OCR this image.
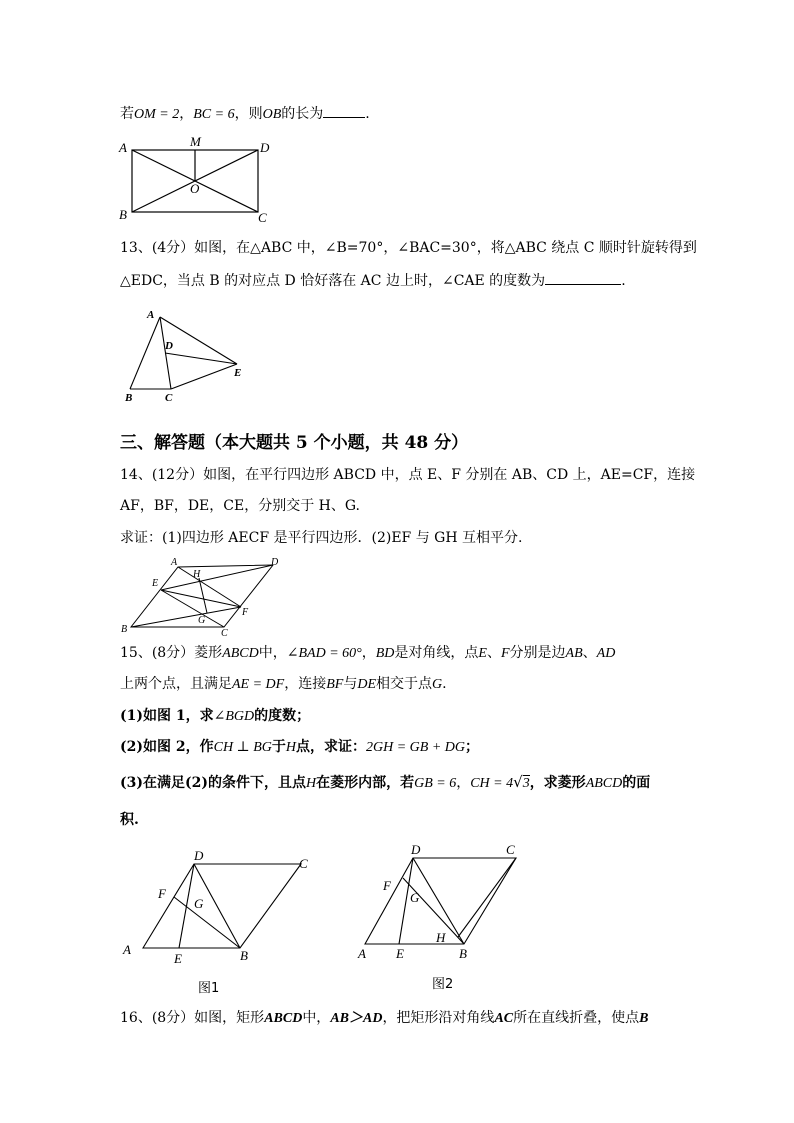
若OM = 2，BC = 6，则OB的长为	.
A	M	D
O
B	C
13、(4分）如图，在△ABC 中，∠B=70°，∠BAC=30°，将△ABC 绕点 C 顺时针旋转得到
△EDC，当点 B 的对应点 D 恰好落在 AC 边上时，∠CAE 的度数为	.
A
D
E
B	C
三、解答题（本大题共 5 个小题，共 48 分）
14、(12分）如图，在平行四边形 ABCD 中，点 E、F 分别在 AB、CD 上，AE=CF，连接
AF，BF，DE，CE，分别交于 H、G.
求证：(1)四边形 AECF 是平行四边形．(2)EF 与 GH 互相平分.
A
H
D
E
F
B
G
C
15、(8分）菱形ABCD中，∠BAD = 60°，BD是对角线，点E、F分别是边AB、AD
上两个点，且满足AE = DF，连接BF与DE相交于点G.
(1)如图 1，求∠BGD的度数；
(2)如图 2，作CH ⊥ BG于H点，求证：2GH = GB + DG；
(3)在满足(2)的条件下，且点H在菱形内部，若GB = 6，CH = 4√3，求菱形ABCD的面
积.
D
C
F
G
A
E	B
图1
D	C
F
G
H
A E	B
图2
16、(8分）如图，矩形ABCD中，AB＞AD，把矩形沿对角线AC所在直线折叠，使点B
